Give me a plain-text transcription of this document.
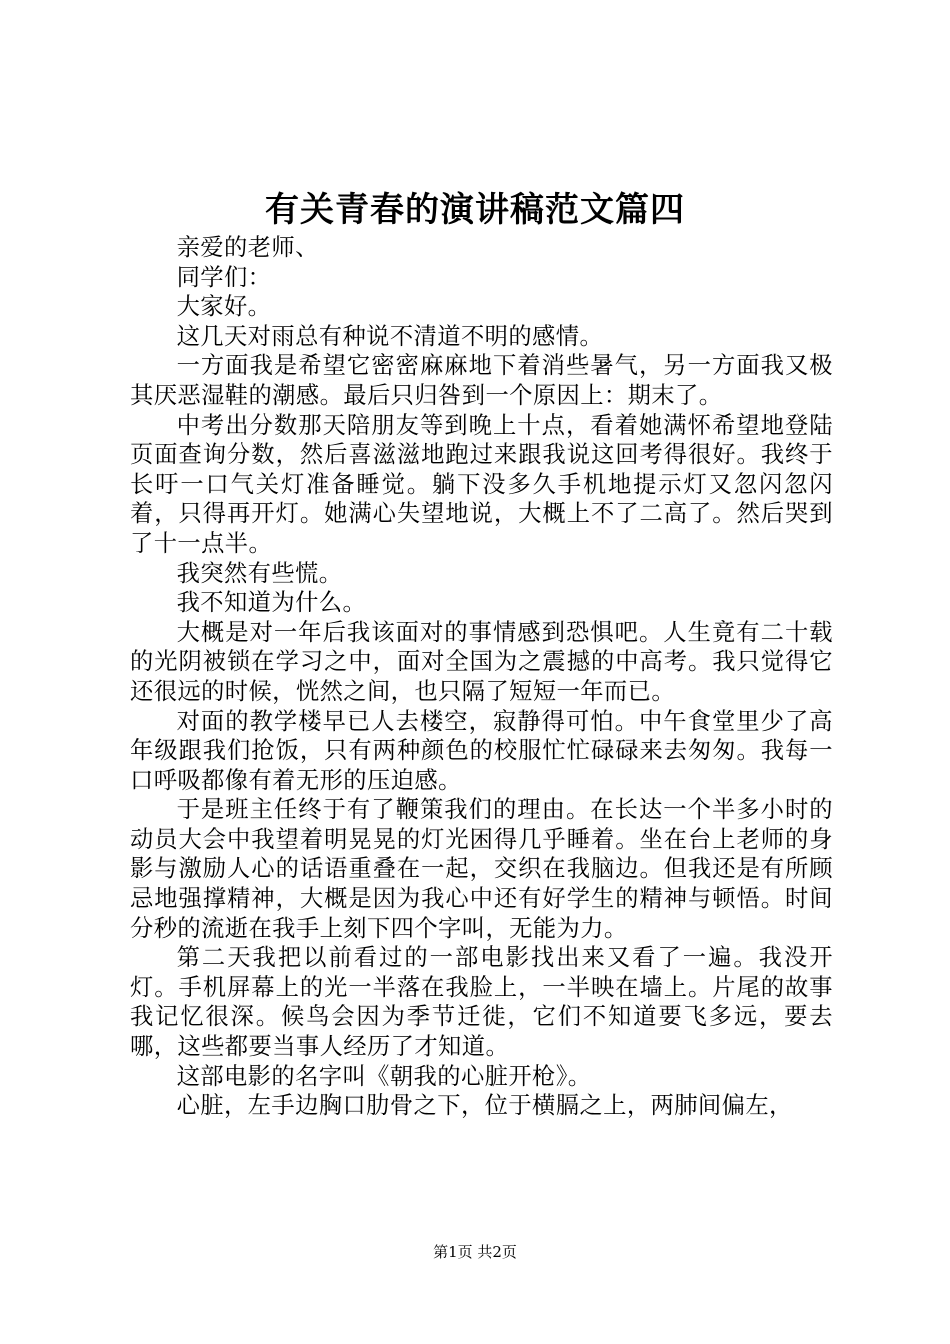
有关青春的演讲稿范文篇四

亲爱的老师、

同学们：

大家好。

这几天对雨总有种说不清道不明的感情。

一方面我是希望它密密麻麻地下着消些暑气，另一方面我又极其厌恶湿鞋的潮感。最后只归咎到一个原因上：期末了。

中考出分数那天陪朋友等到晚上十点，看着她满怀希望地登陆页面查询分数，然后喜滋滋地跑过来跟我说这回考得很好。我终于长吁一口气关灯准备睡觉。躺下没多久手机地提示灯又忽闪忽闪着，只得再开灯。她满心失望地说，大概上不了二高了。然后哭到了十一点半。

我突然有些慌。

我不知道为什么。

大概是对一年后我该面对的事情感到恐惧吧。人生竟有二十载的光阴被锁在学习之中，面对全国为之震撼的中高考。我只觉得它还很远的时候，恍然之间，也只隔了短短一年而已。

对面的教学楼早已人去楼空，寂静得可怕。中午食堂里少了高年级跟我们抢饭，只有两种颜色的校服忙忙碌碌来去匆匆。我每一口呼吸都像有着无形的压迫感。

于是班主任终于有了鞭策我们的理由。在长达一个半多小时的动员大会中我望着明晃晃的灯光困得几乎睡着。坐在台上老师的身影与激励人心的话语重叠在一起，交织在我脑边。但我还是有所顾忌地强撑精神，大概是因为我心中还有好学生的精神与顿悟。时间分秒的流逝在我手上刻下四个字叫，无能为力。

第二天我把以前看过的一部电影找出来又看了一遍。我没开灯。手机屏幕上的光一半落在我脸上，一半映在墙上。片尾的故事我记忆很深。候鸟会因为季节迁徙，它们不知道要飞多远，要去哪，这些都要当事人经历了才知道。

这部电影的名字叫《朝我的心脏开枪》。

心脏，左手边胸口肋骨之下，位于横膈之上，两肺间偏左，

第1页 共2页
